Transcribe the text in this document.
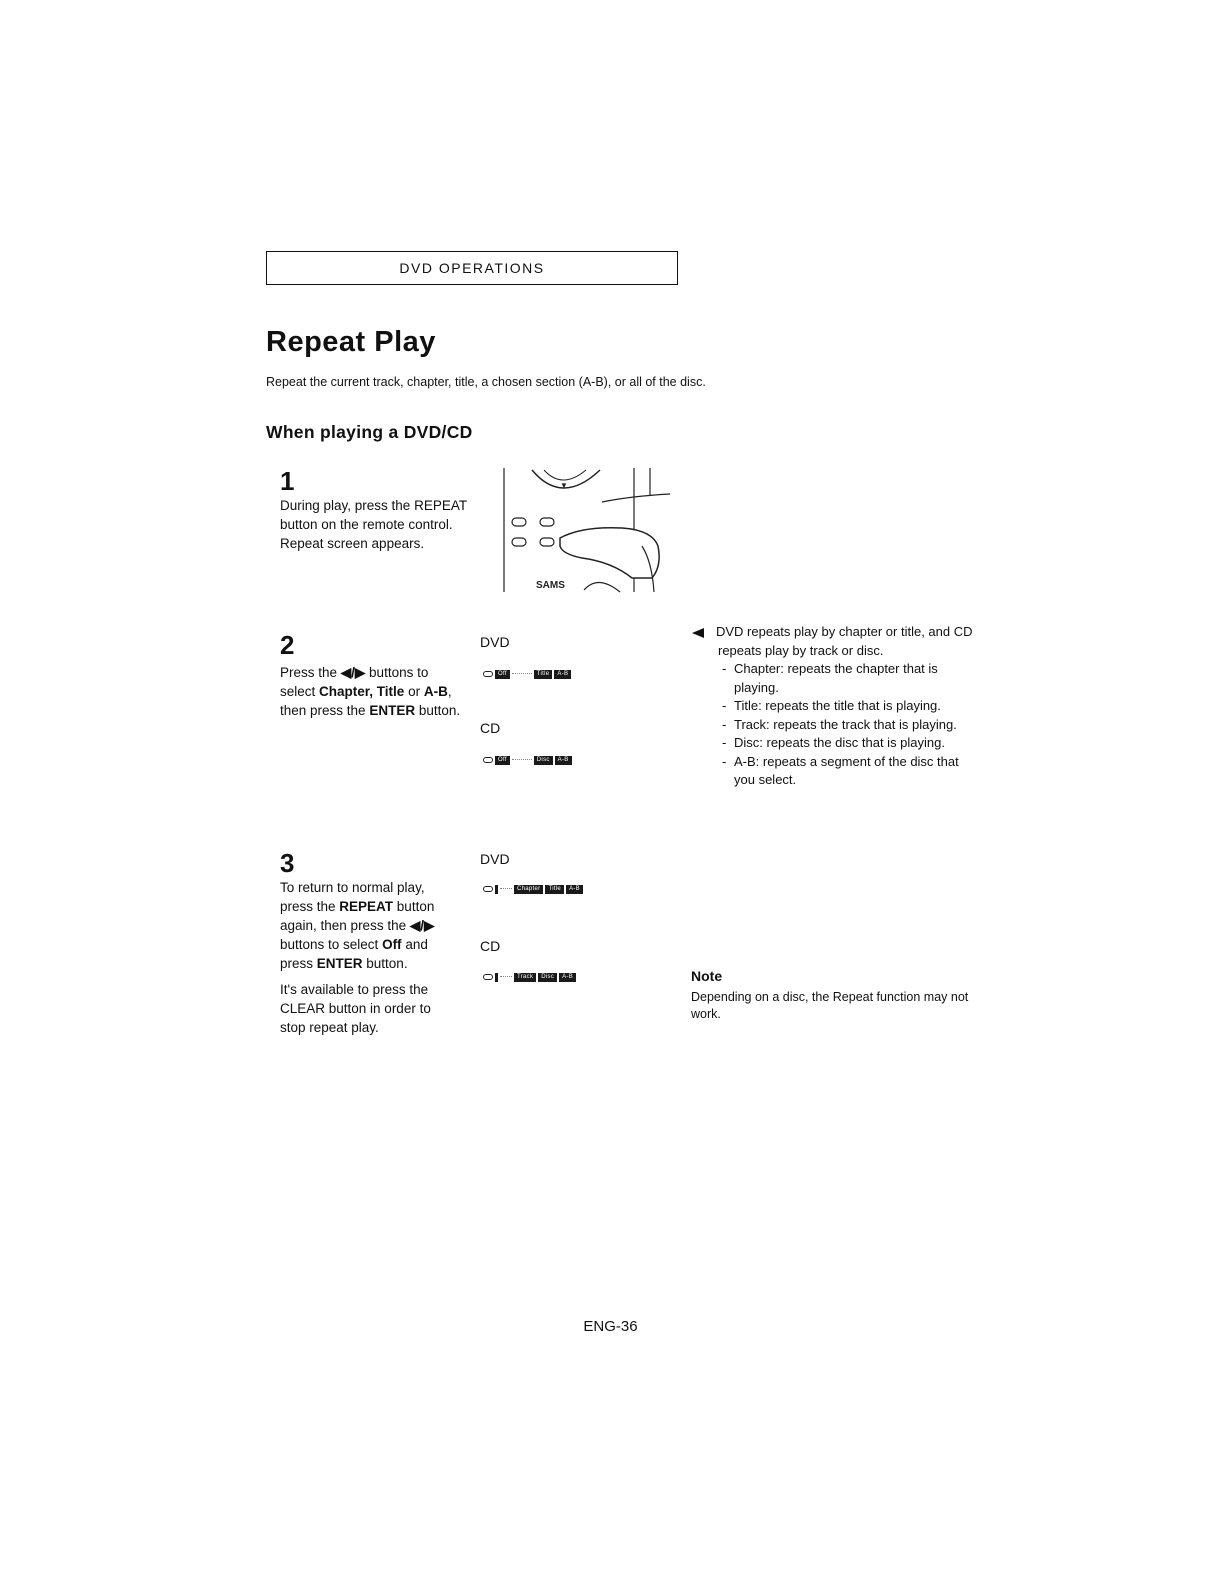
DVD OPERATIONS
Repeat Play
Repeat the current track, chapter, title, a chosen section (A-B), or all of the disc.
When playing a DVD/CD
1
During play, press the REPEAT button on the remote control. Repeat screen appears.
▼
SAMS
2
Press the ◀/▶ buttons to select Chapter, Title or A-B, then press the ENTER button.
DVD
Off	Title	A-B
CD
Off	Disc	A-B
DVD repeats play by chapter or title, and CD repeats play by track or disc.
- Chapter: repeats the chapter that is playing.
- Title: repeats the title that is playing.
- Track: repeats the track that is playing.
- Disc: repeats the disc that is playing.
- A-B: repeats a segment of the disc that you select.
3
To return to normal play, press the REPEAT button again, then press the ◀/▶ buttons to select Off and press ENTER button.
It's available to press the CLEAR button in order to stop repeat play.
DVD
Chapter	Title	A-B
CD
Track	Disc	A-B	Note
Depending on a disc, the Repeat function may not work.
ENG-36
